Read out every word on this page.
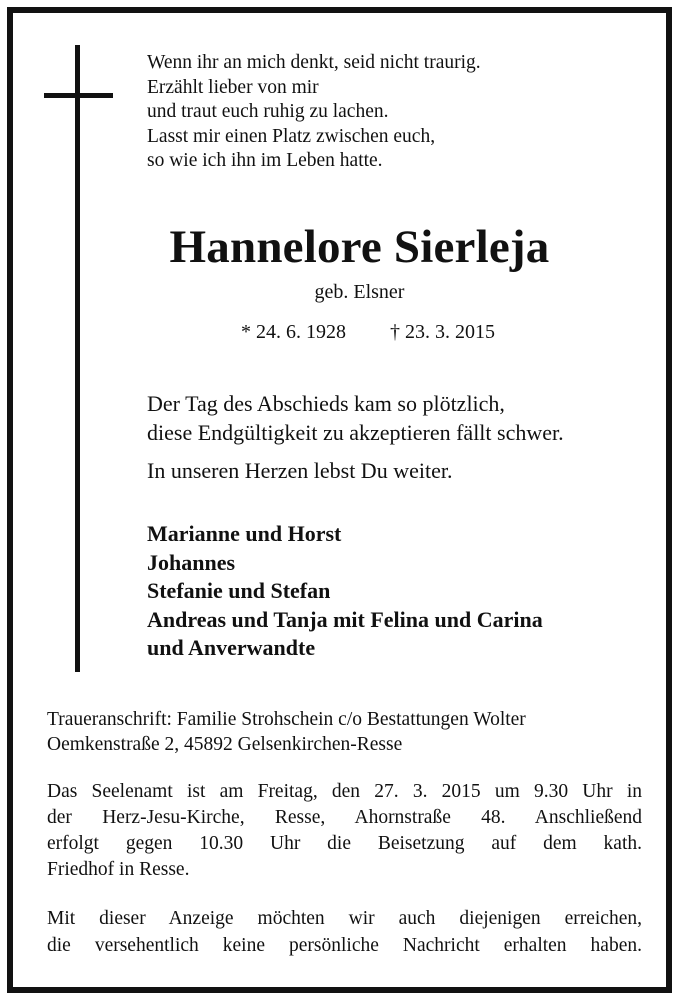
Wenn ihr an mich denkt, seid nicht traurig.
Erzählt lieber von mir
und traut euch ruhig zu lachen.
Lasst mir einen Platz zwischen euch,
so wie ich ihn im Leben hatte.
Hannelore Sierleja
geb. Elsner
* 24. 6. 1928 † 23. 3. 2015
Der Tag des Abschieds kam so plötzlich,
diese Endgültigkeit zu akzeptieren fällt schwer.
In unseren Herzen lebst Du weiter.
Marianne und Horst
Johannes
Stefanie und Stefan
Andreas und Tanja mit Felina und Carina
und Anverwandte
Traueranschrift: Familie Strohschein c/o Bestattungen Wolter
Oemkenstraße 2, 45892 Gelsenkirchen-Resse
Das Seelenamt ist am Freitag, den 27. 3. 2015 um 9.30 Uhr in
der Herz-Jesu-Kirche, Resse, Ahornstraße 48. Anschließend
erfolgt gegen 10.30 Uhr die Beisetzung auf dem kath.
Friedhof in Resse.
Mit dieser Anzeige möchten wir auch diejenigen erreichen,
die versehentlich keine persönliche Nachricht erhalten haben.
